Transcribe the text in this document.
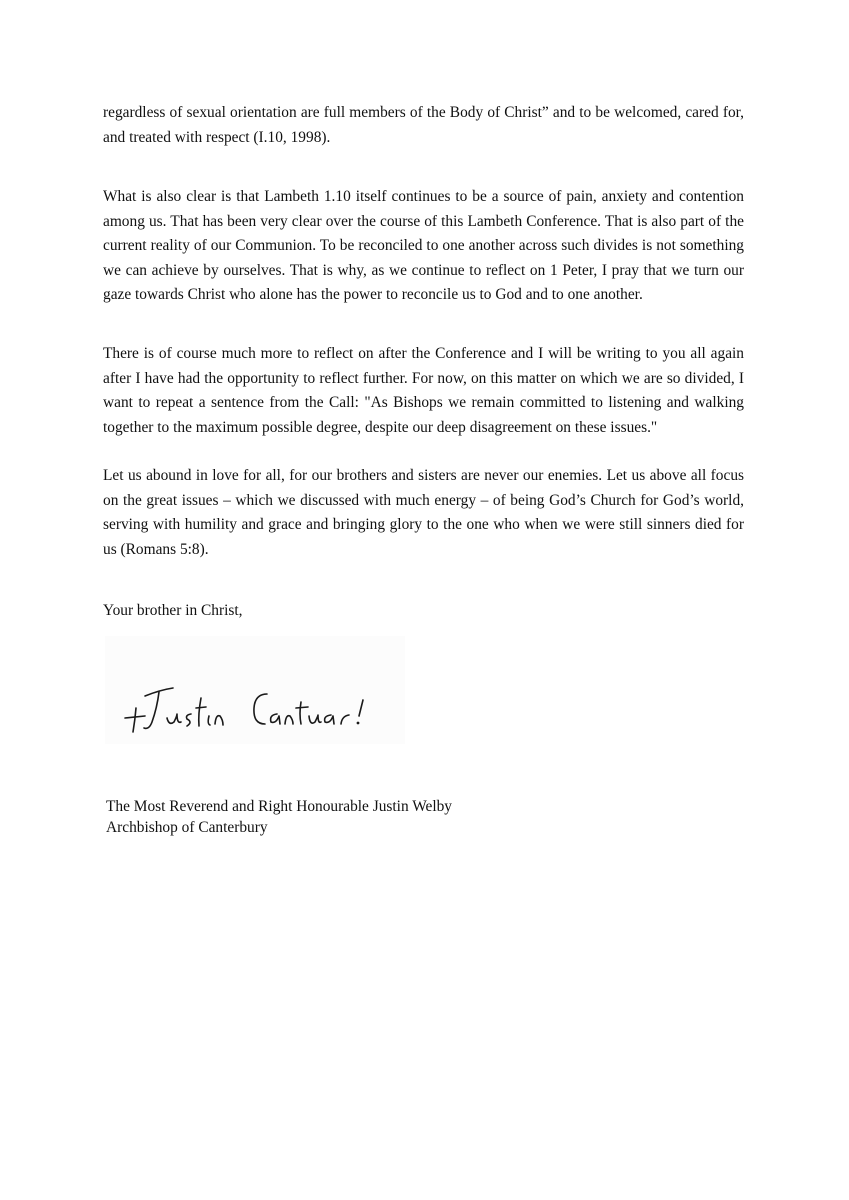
regardless of sexual orientation are full members of the Body of Christ” and to be welcomed, cared for, and treated with respect (I.10, 1998).

What is also clear is that Lambeth 1.10 itself continues to be a source of pain, anxiety and contention among us. That has been very clear over the course of this Lambeth Conference. That is also part of the current reality of our Communion. To be reconciled to one another across such divides is not something we can achieve by ourselves. That is why, as we continue to reflect on 1 Peter, I pray that we turn our gaze towards Christ who alone has the power to reconcile us to God and to one another.

There is of course much more to reflect on after the Conference and I will be writing to you all again after I have had the opportunity to reflect further. For now, on this matter on which we are so divided, I want to repeat a sentence from the Call: "As Bishops we remain committed to listening and walking together to the maximum possible degree, despite our deep disagreement on these issues."

Let us abound in love for all, for our brothers and sisters are never our enemies. Let us above all focus on the great issues – which we discussed with much energy – of being God’s Church for God’s world, serving with humility and grace and bringing glory to the one who when we were still sinners died for us (Romans 5:8).

Your brother in Christ,

The Most Reverend and Right Honourable Justin Welby
Archbishop of Canterbury
